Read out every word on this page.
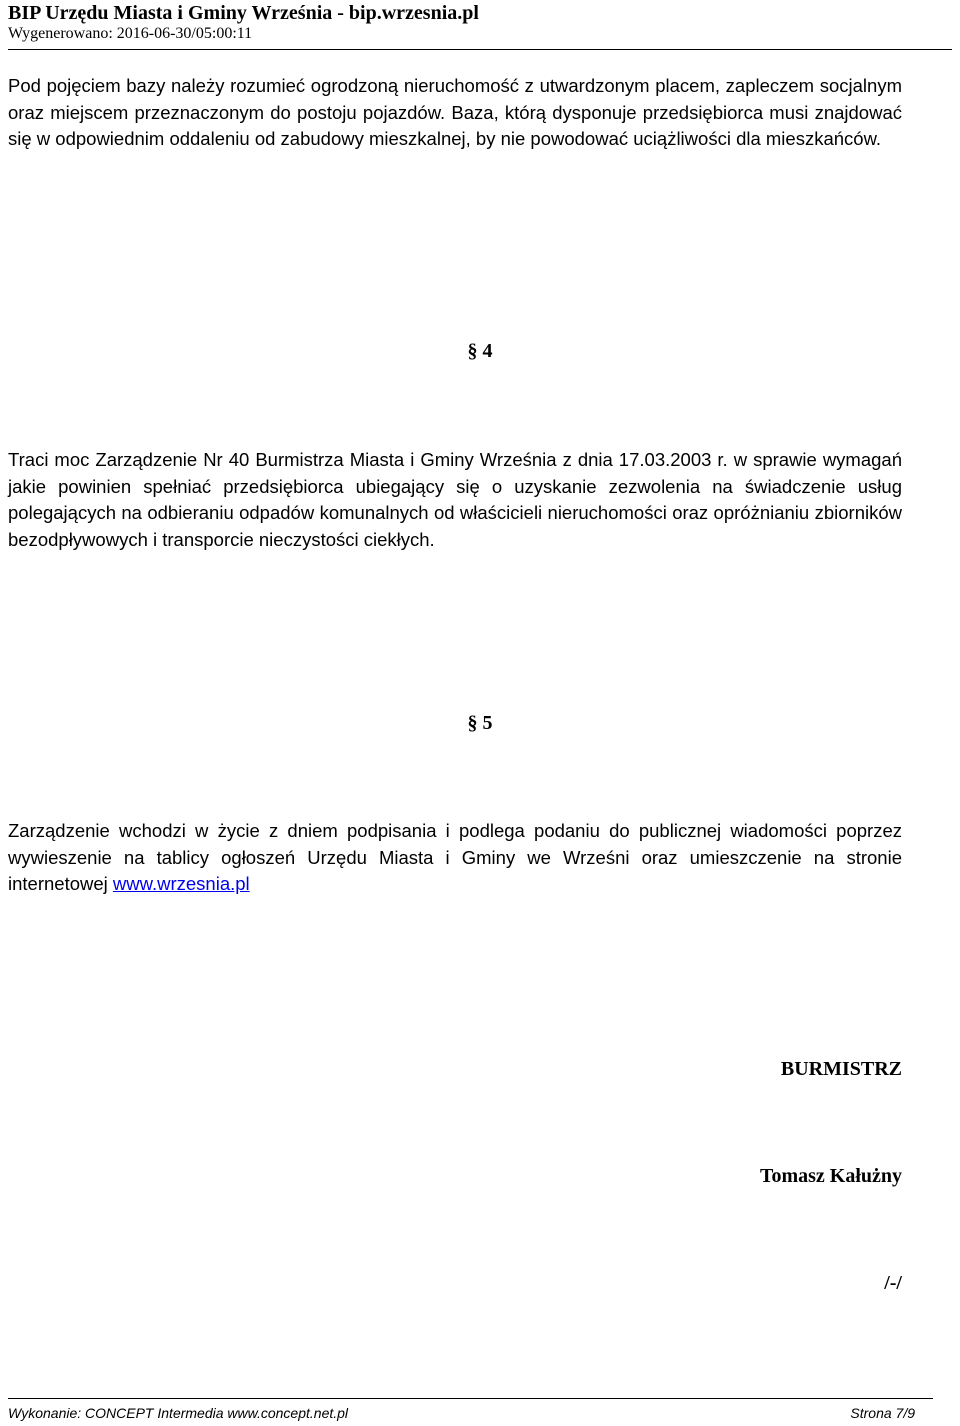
BIP Urzędu Miasta i Gminy Września - bip.wrzesnia.pl
Wygenerowano: 2016-06-30/05:00:11
Pod pojęciem bazy należy rozumieć ogrodzoną nieruchomość z utwardzonym placem, zapleczem socjalnym oraz miejscem przeznaczonym do postoju pojazdów. Baza, którą dysponuje przedsiębiorca musi znajdować się w odpowiednim oddaleniu od zabudowy mieszkalnej, by nie powodować uciążliwości dla mieszkańców.
§ 4
Traci moc Zarządzenie Nr 40 Burmistrza Miasta i Gminy Września z dnia 17.03.2003 r. w sprawie wymagań jakie powinien spełniać przedsiębiorca ubiegający się o uzyskanie zezwolenia na świadczenie usług polegających na odbieraniu odpadów komunalnych od właścicieli nieruchomości oraz opróżnianiu zbiorników bezodpływowych i transporcie nieczystości ciekłych.
§ 5
Zarządzenie wchodzi w życie z dniem podpisania i podlega podaniu do publicznej wiadomości poprzez wywieszenie na tablicy ogłoszeń Urzędu Miasta i Gminy we Wrześni oraz umieszczenie na stronie internetowej www.wrzesnia.pl
BURMISTRZ
Tomasz Kałużny
/-/
Wykonanie: CONCEPT Intermedia www.concept.net.pl	Strona 7/9
